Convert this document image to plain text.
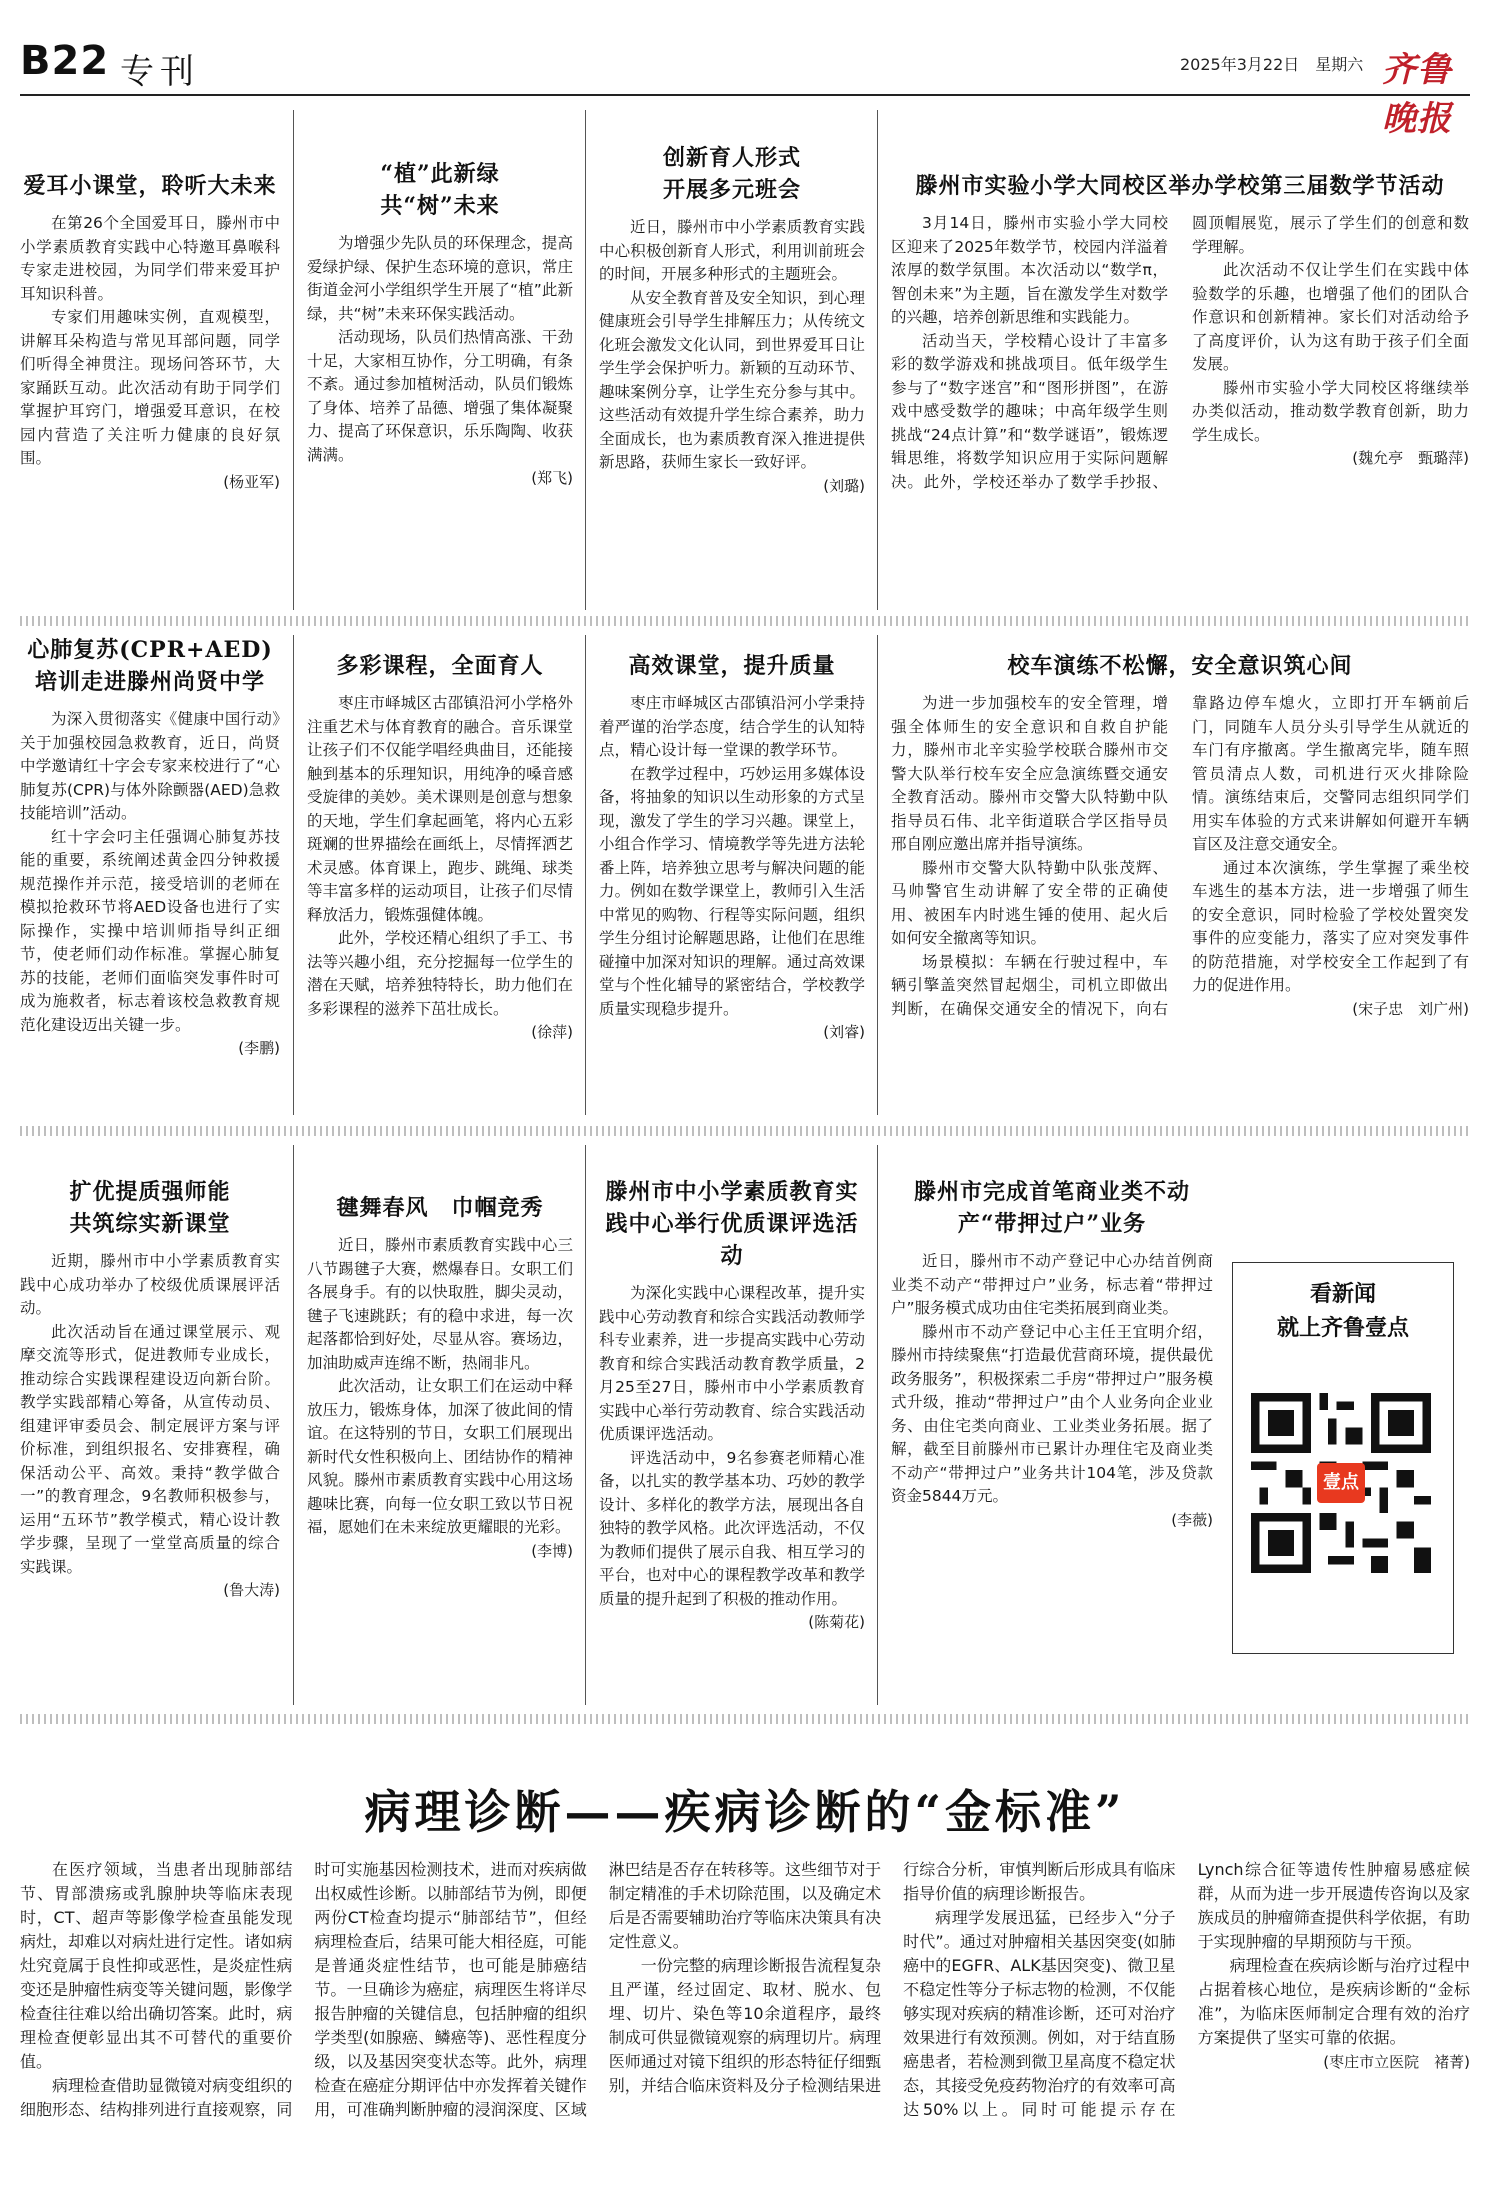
B22 专刊	2025年3月22日　星期六 齐鲁晚报
爱耳小课堂，聆听大未来

在第26个全国爱耳日，滕州市中小学素质教育实践中心特邀耳鼻喉科专家走进校园，为同学们带来爱耳护耳知识科普。

专家们用趣味实例，直观模型，讲解耳朵构造与常见耳部问题，同学们听得全神贯注。现场问答环节，大家踊跃互动。此次活动有助于同学们掌握护耳窍门，增强爱耳意识，在校园内营造了关注听力健康的良好氛围。

(杨亚军)
“植”此新绿　共“树”未来

为增强少先队员的环保理念，提高爱绿护绿、保护生态环境的意识，常庄街道金河小学组织学生开展了“植”此新绿，共“树”未来环保实践活动。

活动现场，队员们热情高涨、干劲十足，大家相互协作，分工明确，有条不紊。通过参加植树活动，队员们锻炼了身体、培养了品德、增强了集体凝聚力、提高了环保意识，乐乐陶陶、收获满满。

(郑飞)
创新育人形式　开展多元班会

近日，滕州市中小学素质教育实践中心积极创新育人形式，利用训前班会的时间，开展多种形式的主题班会。

从安全教育普及安全知识，到心理健康班会引导学生排解压力；从传统文化班会激发文化认同，到世界爱耳日让学生学会保护听力。新颖的互动环节、趣味案例分享，让学生充分参与其中。这些活动有效提升学生综合素养，助力全面成长，也为素质教育深入推进提供新思路，获师生家长一致好评。

(刘璐)
滕州市实验小学大同校区举办学校第三届数学节活动

3月14日，滕州市实验小学大同校区迎来了2025年数学节，校园内洋溢着浓厚的数学氛围。本次活动以“数学π，智创未来”为主题，旨在激发学生对数学的兴趣，培养创新思维和实践能力。

活动当天，学校精心设计了丰富多彩的数学游戏和挑战项目。低年级学生参与了“数字迷宫”和“图形拼图”，在游戏中感受数学的趣味；中高年级学生则挑战“24点计算”和“数学谜语”，锻炼逻辑思维，将数学知识应用于实际问题解决。此外，学校还举办了数学手抄报、圆顶帽展览，展示了学生们的创意和数学理解。

此次活动不仅让学生们在实践中体验数学的乐趣，也增强了他们的团队合作意识和创新精神。家长们对活动给予了高度评价，认为这有助于孩子们全面发展。

滕州市实验小学大同校区将继续举办类似活动，推动数学教育创新，助力学生成长。

(魏允亭　甄璐萍)
心肺复苏(CPR+AED)培训走进滕州尚贤中学

为深入贯彻落实《健康中国行动》关于加强校园急救教育，近日，尚贤中学邀请红十字会专家来校进行了“心肺复苏(CPR)与体外除颤器(AED)急救技能培训”活动。

红十字会叼主任强调心肺复苏技能的重要，系统阐述黄金四分钟救援规范操作并示范，接受培训的老师在模拟抢救环节将AED设备也进行了实际操作，实操中培训师指导纠正细节，使老师们动作标准。掌握心肺复苏的技能，老师们面临突发事件时可成为施救者，标志着该校急救教育规范化建设迈出关键一步。

(李鹏)
多彩课程，全面育人

枣庄市峄城区古邵镇沿河小学格外注重艺术与体育教育的融合。音乐课堂让孩子们不仅能学唱经典曲目，还能接触到基本的乐理知识，用纯净的嗓音感受旋律的美妙。美术课则是创意与想象的天地，学生们拿起画笔，将内心五彩斑斓的世界描绘在画纸上，尽情挥洒艺术灵感。体育课上，跑步、跳绳、球类等丰富多样的运动项目，让孩子们尽情释放活力，锻炼强健体魄。

此外，学校还精心组织了手工、书法等兴趣小组，充分挖掘每一位学生的潜在天赋，培养独特特长，助力他们在多彩课程的滋养下茁壮成长。

(徐萍)
高效课堂，提升质量

枣庄市峄城区古邵镇沿河小学秉持着严谨的治学态度，结合学生的认知特点，精心设计每一堂课的教学环节。

在教学过程中，巧妙运用多媒体设备，将抽象的知识以生动形象的方式呈现，激发了学生的学习兴趣。课堂上，小组合作学习、情境教学等先进方法轮番上阵，培养独立思考与解决问题的能力。例如在数学课堂上，教师引入生活中常见的购物、行程等实际问题，组织学生分组讨论解题思路，让他们在思维碰撞中加深对知识的理解。通过高效课堂与个性化辅导的紧密结合，学校教学质量实现稳步提升。

(刘睿)
校车演练不松懈，安全意识筑心间

为进一步加强校车的安全管理，增强全体师生的安全意识和自救自护能力，滕州市北辛实验学校联合滕州市交警大队举行校车安全应急演练暨交通安全教育活动。滕州市交警大队特勤中队指导员石伟、北辛街道联合学区指导员邢自刚应邀出席并指导演练。

滕州市交警大队特勤中队张茂辉、马帅警官生动讲解了安全带的正确使用、被困车内时逃生锤的使用、起火后如何安全撤离等知识。

场景模拟：车辆在行驶过程中，车辆引擎盖突然冒起烟尘，司机立即做出判断，在确保交通安全的情况下，向右靠路边停车熄火，立即打开车辆前后门，同随车人员分头引导学生从就近的车门有序撤离。学生撤离完毕，随车照管员清点人数，司机进行灭火排除险情。演练结束后，交警同志组织同学们用实车体验的方式来讲解如何避开车辆盲区及注意交通安全。

通过本次演练，学生掌握了乘坐校车逃生的基本方法，进一步增强了师生的安全意识，同时检验了学校处置突发事件的应变能力，落实了应对突发事件的防范措施，对学校安全工作起到了有力的促进作用。

(宋子忠　刘广州)
扩优提质强师能　共筑综实新课堂

近期，滕州市中小学素质教育实践中心成功举办了校级优质课展评活动。

此次活动旨在通过课堂展示、观摩交流等形式，促进教师专业成长，推动综合实践课程建设迈向新台阶。教学实践部精心筹备，从宣传动员、组建评审委员会、制定展评方案与评价标准，到组织报名、安排赛程，确保活动公平、高效。秉持“教学做合一”的教育理念，9名教师积极参与，运用“五环节”教学模式，精心设计教学步骤，呈现了一堂堂高质量的综合实践课。

(鲁大涛)
毽舞春风　巾帼竞秀

近日，滕州市素质教育实践中心三八节踢毽子大赛，燃爆春日。女职工们各展身手。有的以快取胜，脚尖灵动，毽子飞速跳跃；有的稳中求进，每一次起落都恰到好处，尽显从容。赛场边，加油助威声连绵不断，热闹非凡。

此次活动，让女职工们在运动中释放压力，锻炼身体，加深了彼此间的情谊。在这特别的节日，女职工们展现出新时代女性积极向上、团结协作的精神风貌。滕州市素质教育实践中心用这场趣味比赛，向每一位女职工致以节日祝福，愿她们在未来绽放更耀眼的光彩。

(李博)
滕州市中小学素质教育实践中心举行优质课评选活动

为深化实践中心课程改革，提升实践中心劳动教育和综合实践活动教师学科专业素养，进一步提高实践中心劳动教育和综合实践活动教育教学质量，2月25至27日，滕州市中小学素质教育实践中心举行劳动教育、综合实践活动优质课评选活动。

评选活动中，9名参赛老师精心准备，以扎实的教学基本功、巧妙的教学设计、多样化的教学方法，展现出各自独特的教学风格。此次评选活动，不仅为教师们提供了展示自我、相互学习的平台，也对中心的课程教学改革和教学质量的提升起到了积极的推动作用。

(陈菊花)
滕州市完成首笔商业类不动产“带押过户”业务

近日，滕州市不动产登记中心办结首例商业类不动产“带押过户”业务，标志着“带押过户”服务模式成功由住宅类拓展到商业类。

滕州市不动产登记中心主任王宜明介绍，滕州市持续聚焦“打造最优营商环境，提供最优政务服务”，积极探索二手房“带押过户”服务模式升级，推动“带押过户”由个人业务向企业业务、由住宅类向商业、工业类业务拓展。据了解，截至目前滕州市已累计办理住宅及商业类不动产“带押过户”业务共计104笔，涉及贷款资金5844万元。

(李薇)
看新闻
就上齐鲁壹点
壹点
病理诊断——疾病诊断的“金标准”

在医疗领域，当患者出现肺部结节、胃部溃疡或乳腺肿块等临床表现时，CT、超声等影像学检查虽能发现病灶，却难以对病灶进行定性。诸如病灶究竟属于良性抑或恶性，是炎症性病变还是肿瘤性病变等关键问题，影像学检查往往难以给出确切答案。此时，病理检查便彰显出其不可替代的重要价值。

病理检查借助显微镜对病变组织的细胞形态、结构排列进行直接观察，同时可实施基因检测技术，进而对疾病做出权威性诊断。以肺部结节为例，即便两份CT检查均提示“肺部结节”，但经病理检查后，结果可能大相径庭，可能是普通炎症性结节，也可能是肺癌结节。一旦确诊为癌症，病理医生将详尽报告肿瘤的关键信息，包括肿瘤的组织学类型(如腺癌、鳞癌等)、恶性程度分级，以及基因突变状态等。此外，病理检查在癌症分期评估中亦发挥着关键作用，可准确判断肿瘤的浸润深度、区域淋巴结是否存在转移等。这些细节对于制定精准的手术切除范围，以及确定术后是否需要辅助治疗等临床决策具有决定性意义。

一份完整的病理诊断报告流程复杂且严谨，经过固定、取材、脱水、包埋、切片、染色等10余道程序，最终制成可供显微镜观察的病理切片。病理医师通过对镜下组织的形态特征仔细甄别，并结合临床资料及分子检测结果进行综合分析，审慎判断后形成具有临床指导价值的病理诊断报告。

病理学发展迅猛，已经步入“分子时代”。通过对肿瘤相关基因突变(如肺癌中的EGFR、ALK基因突变)、微卫星不稳定性等分子标志物的检测，不仅能够实现对疾病的精准诊断，还可对治疗效果进行有效预测。例如，对于结直肠癌患者，若检测到微卫星高度不稳定状态，其接受免疫药物治疗的有效率可高达50%以上。同时可能提示存在Lynch综合征等遗传性肿瘤易感症候群，从而为进一步开展遗传咨询以及家族成员的肿瘤筛查提供科学依据，有助于实现肿瘤的早期预防与干预。

病理检查在疾病诊断与治疗过程中占据着核心地位，是疾病诊断的“金标准”，为临床医师制定合理有效的治疗方案提供了坚实可靠的依据。

(枣庄市立医院　褚菁)
